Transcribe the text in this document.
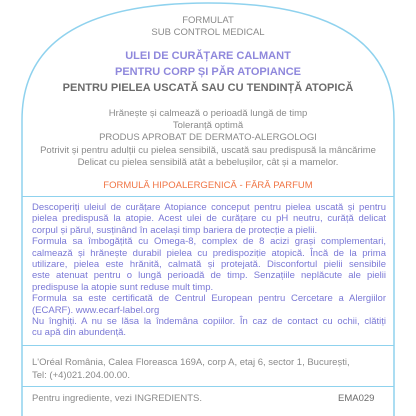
FORMULAT
SUB CONTROL MEDICAL
ULEI DE CURĂȚARE CALMANT
PENTRU CORP ȘI PĂR ATOPIANCE
PENTRU PIELEA USCATĂ SAU CU TENDINȚĂ ATOPICĂ
Hrănește și calmează o perioadă lungă de timp
Toleranță optimă
PRODUS APROBAT DE DERMATO-ALERGOLOGI
Potrivit și pentru adulții cu pielea sensibilă, uscată sau predispusă la mâncărime
Delicat cu pielea sensibilă atât a bebelușilor, cât și a mamelor.
FORMULĂ HIPOALERGENICĂ - FĂRĂ PARFUM
Descoperiți uleiul de curățare Atopiance conceput pentru pielea uscată și pentru
pielea predispusă la atopie. Acest ulei de curățare cu pH neutru, curăță delicat
corpul și părul, susținând în același timp bariera de protecție a pielii.
Formula sa îmbogățită cu Omega-8, complex de 8 acizi grași complementari,
calmează și hrănește durabil pielea cu predispoziție atopică. Încă de la prima
utilizare, pielea este hrănită, calmată și protejată. Disconfortul pielii sensibile
este atenuat pentru o lungă perioadă de timp. Senzațiile neplăcute ale pielii
predispuse la atopie sunt reduse mult timp.
Formula sa este certificată de Centrul European pentru Cercetare a Alergiilor
(ECARF). www.ecarf-label.org
Nu înghiți. A nu se lăsa la îndemâna copiilor. În caz de contact cu ochii, clătiți
cu apă din abundență.
L'Oréal România, Calea Floreasca 169A, corp A, etaj 6, sector 1, București,
Tel: (+4)021.204.00.00.
Pentru ingrediente, vezi INGREDIENTS.	EMA029
